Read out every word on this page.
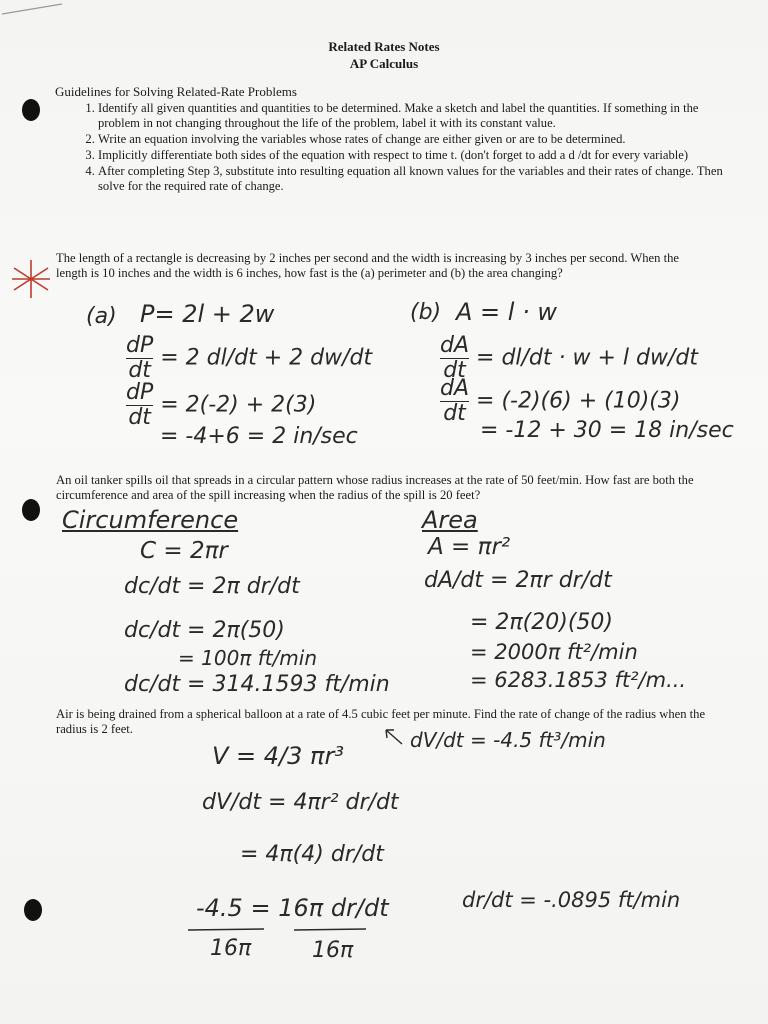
Related Rates Notes
AP Calculus
Guidelines for Solving Related-Rate Problems
1. Identify all given quantities and quantities to be determined. Make a sketch and label the quantities. If something in the problem in not changing throughout the life of the problem, label it with its constant value.
2. Write an equation involving the variables whose rates of change are either given or are to be determined.
3. Implicitly differentiate both sides of the equation with respect to time t. (don't forget to add a d /dt for every variable)
4. After completing Step 3, substitute into resulting equation all known values for the variables and their rates of change. Then solve for the required rate of change.
The length of a rectangle is decreasing by 2 inches per second and the width is increasing by 3 inches per second. When the length is 10 inches and the width is 6 inches, how fast is the (a) perimeter and (b) the area changing?
(a) P= 2l + 2w
$\frac{dP}{dt} = 2$ dl/dt + 2 dw/dt
$\frac{dP}{dt} = 2(-2) + 2(3)$
= -4+6 = 2 in/sec
(b) A = l · w
$\frac{dA}{dt} = dl/dt \cdot w + l$ dw/dt
$\frac{dA}{dt} = (-2)(6) + (10)(3)$
= -12 + 30 = 18 in/sec
An oil tanker spills oil that spreads in a circular pattern whose radius increases at the rate of 50 feet/min. How fast are both the circumference and area of the spill increasing when the radius of the spill is 20 feet?
Circumference
C = 2πr
dc/dt = 2π dr/dt
dc/dt = 2π(50)
= 100π ft/min
dc/dt = 314.1593 ft/min
Area
A = πr²
dA/dt = 2πr dr/dt
= 2π(20)(50)
= 2000π ft²/min
= 6283.1853 ft²/m...
Air is being drained from a spherical balloon at a rate of 4.5 cubic feet per minute. Find the rate of change of the radius when the radius is 2 feet.	dV/dt = -4.5 ft³/min
V = 4/3 πr³
dV/dt = 4πr² dr/dt
= 4π(4) dr/dt
-4.5 = 16π dr/dt
16π	16π
dr/dt = -.0895 ft/min
